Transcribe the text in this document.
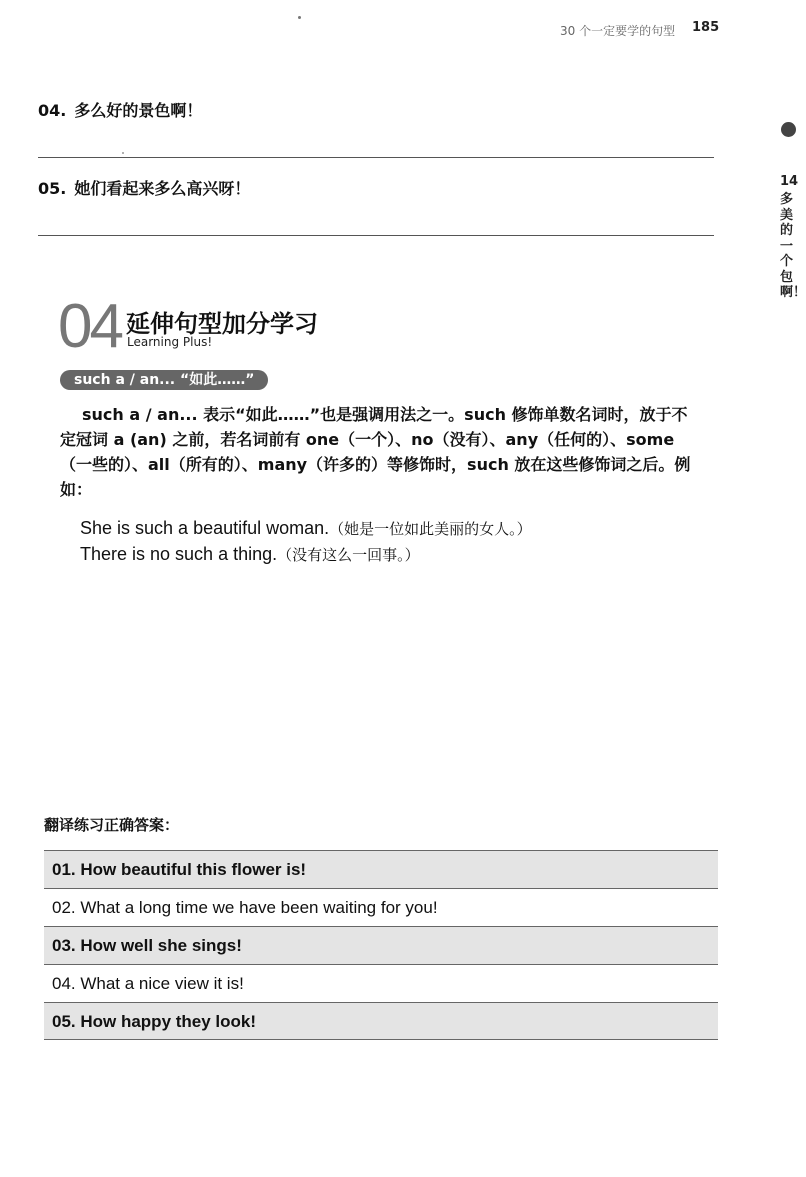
30 个一定要学的句型 185
14
多美的一个包啊！
04. 多么好的景色啊！
05. 她们看起来多么高兴呀！
04 延伸句型加分学习
Learning Plus!
such a / an... “如此……”
such a / an... 表示“如此……”也是强调用法之一。such 修饰单数名词时，放于不定冠词 a (an) 之前，若名词前有 one（一个）、no（没有）、any（任何的）、some（一些的）、all（所有的）、many（许多的）等修饰时，such 放在这些修饰词之后。例如：
She is such a beautiful woman.（她是一位如此美丽的女人。）
There is no such a thing.（没有这么一回事。）
翻译练习正确答案：
01. How beautiful this flower is!
02. What a long time we have been waiting for you!
03. How well she sings!
04. What a nice view it is!
05. How happy they look!
